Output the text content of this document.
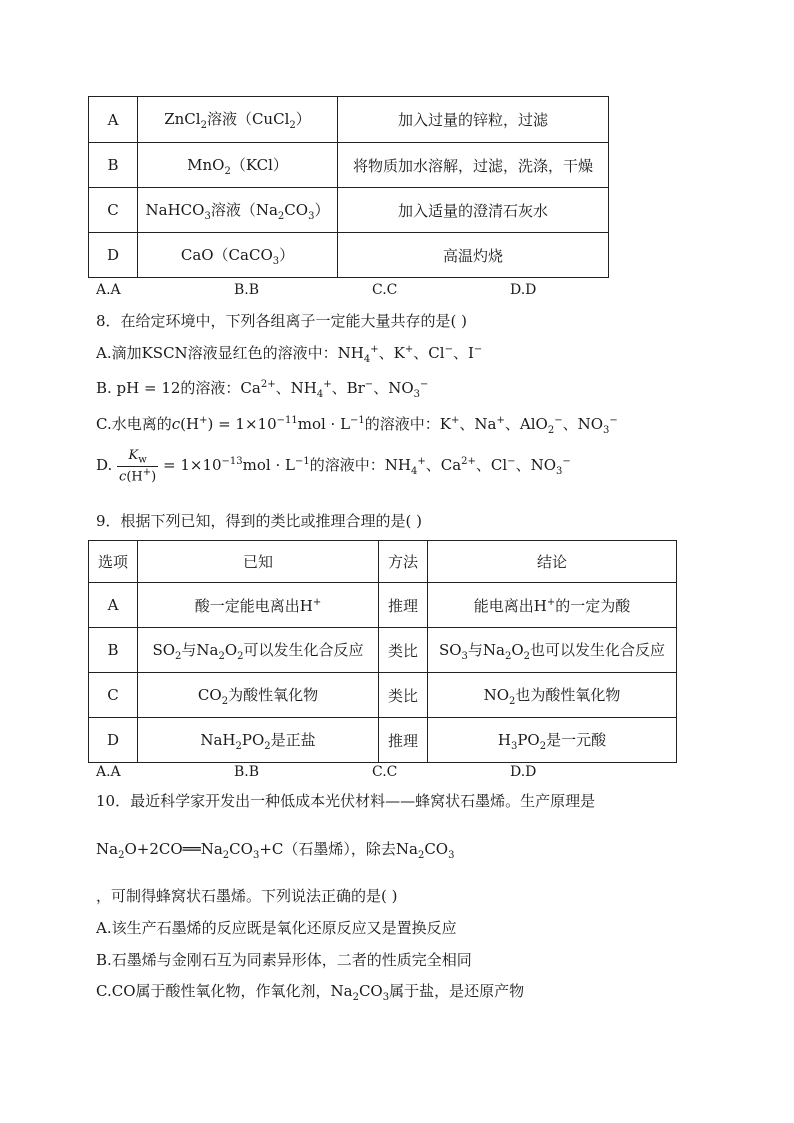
A	ZnCl$_2$溶液（CuCl$_2$）	加入过量的锌粒，过滤
B	MnO$_2$（KCl）	将物质加水溶解，过滤，洗涤，干燥
C	NaHCO$_3$溶液$(Na_2CO_3)$	加入适量的澄清石灰水
D	CaO（CaCO$_3$）	高温灼烧
A.A	B.B	C.C	D.D
8．在给定环境中，下列各组离子一定能大量共存的是( )
A.滴加KSCN溶液显红色的溶液中：$NH_4^+$、K+、Cl−、I−
B. pH = 12的溶液：$Ca^{2+}$、$NH_4^+$、Br−、$NO_3^-$
C.水电离的$c(H^+) = 1\times 10^{-11}mol \cdot L^{-1}$的溶液中：K+、Na+、AlO$_2$−、$NO_3^-$
D. $\frac{K_w}{c(H^+)} = 1\times 10^{-13}mol \cdot L^{-1}$的溶液中：$NH_4^+$、$Ca^{2+}$、Cl−、$NO_3^-$
9．根据下列已知，得到的类比或推理合理的是( )
选项	已知	方法	结论
A	酸一定能电离出H+	推理	能电离出H+的一定为酸
B	$SO_2$与$Na_2O_2$可以发生化合反应	类比	$SO_3$与$Na_2O_2$也可以发生化合反应
C	$CO_2$为酸性氧化物	类比	$NO_2$也为酸性氧化物
D	$NaH_2PO_2$是正盐	推理	$H_3PO_2$是一元酸
A.A	B.B	C.C	D.D
10．最近科学家开发出一种低成本光伏材料——蜂窝状石墨烯。生产原理是
$Na_2O+2CO══Na_2CO_3+C$（石墨烯），除去$Na_2CO_3$
，可制得蜂窝状石墨烯。下列说法正确的是( )
A.该生产石墨烯的反应既是氧化还原反应又是置换反应
B.石墨烯与金刚石互为同素异形体，二者的性质完全相同
C.CO属于酸性氧化物，作氧化剂，$Na_2CO_3$属于盐，是还原产物
